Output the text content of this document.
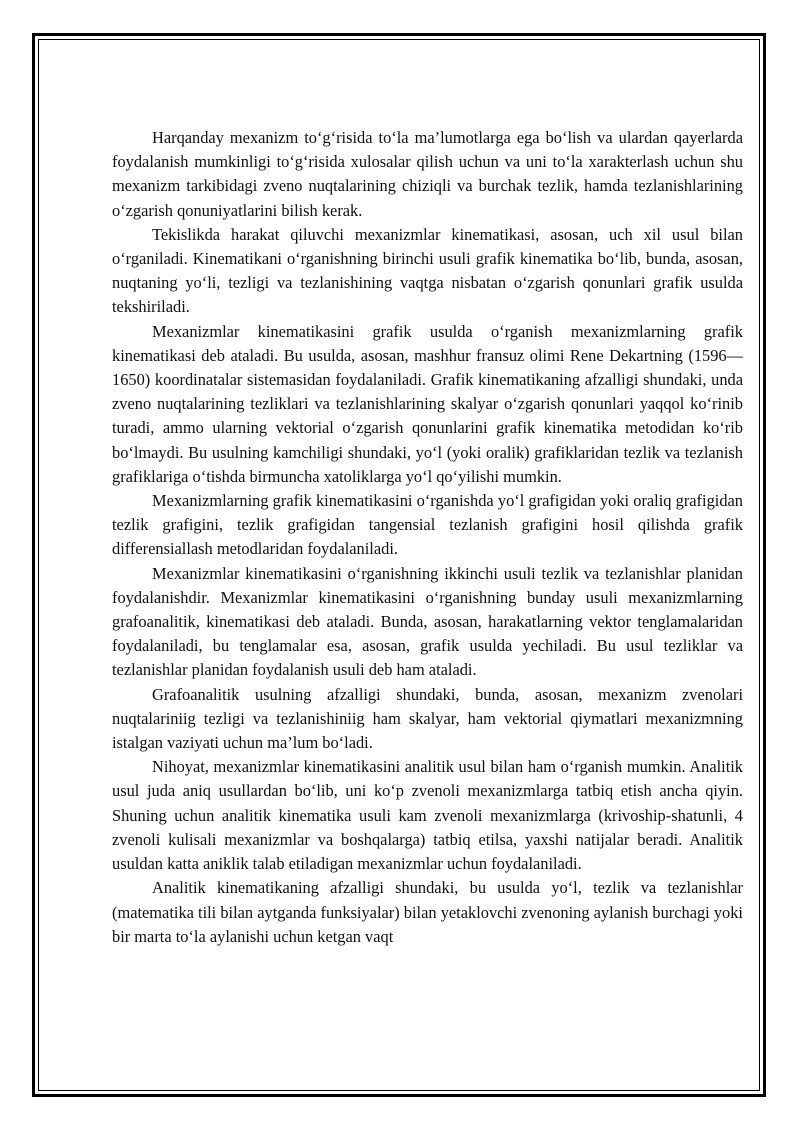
Harqanday mexanizm to‘g‘risida to‘la ma’lumotlarga ega bo‘lish va ulardan qayerlarda foydalanish mumkinligi to‘g‘risida xulosalar qilish uchun va uni to‘la xarakterlash uchun shu mexanizm tarkibidagi zveno nuqtalarining chiziqli va burchak tezlik, hamda tezlanishlarining o‘zgarish qonuniyatlarini bilish kerak.

Tekislikda harakat qiluvchi mexanizmlar kinematikasi, asosan, uch xil usul bilan o‘rganiladi. Kinematikani o‘rganishning birinchi usuli grafik kinematika bo‘lib, bunda, asosan, nuqtaning yo‘li, tezligi va tezlanishining vaqtga nisbatan o‘zgarish qonunlari grafik usulda tekshiriladi.

Mexanizmlar kinematikasini grafik usulda o‘rganish mexanizmlarning grafik kinematikasi deb ataladi. Bu usulda, asosan, mashhur fransuz olimi Rene Dekartning (1596—1650) koordinatalar sistemasidan foydalaniladi. Grafik kinematikaning afzalligi shundaki, unda zveno nuqtalarining tezliklari va tezlanishlarining skalyar o‘zgarish qonunlari yaqqol ko‘rinib turadi, ammo ularning vektorial o‘zgarish qonunlarini grafik kinematika metodidan ko‘rib bo‘lmaydi. Bu usulning kamchiligi shundaki, yo‘l (yoki oralik) grafiklaridan tezlik va tezlanish grafiklariga o‘tishda birmuncha xatoliklarga yo‘l qo‘yilishi mumkin.

Mexanizmlarning grafik kinematikasini o‘rganishda yo‘l grafigidan yoki oraliq grafigidan tezlik grafigini, tezlik grafigidan tangensial tezlanish grafigini hosil qilishda grafik differensiallash metodlaridan foydalaniladi.

Mexanizmlar kinematikasini o‘rganishning ikkinchi usuli tezlik va tezlanishlar planidan foydalanishdir. Mexanizmlar kinematikasini o‘rganishning bunday usuli mexanizmlarning grafoanalitik, kinematikasi deb ataladi. Bunda, asosan, harakatlarning vektor tenglamalaridan foydalaniladi, bu tenglamalar esa, asosan, grafik usulda yechiladi. Bu usul tezliklar va tezlanishlar planidan foydalanish usuli deb ham ataladi.

Grafoanalitik usulning afzalligi shundaki, bunda, asosan, mexanizm zvenolari nuqtalariniig tezligi va tezlanishiniig ham skalyar, ham vektorial qiymatlari mexanizmning istalgan vaziyati uchun ma’lum bo‘ladi.

Nihoyat, mexanizmlar kinematikasini analitik usul bilan ham o‘rganish mumkin. Analitik usul juda aniq usullardan bo‘lib, uni ko‘p zvenoli mexanizmlarga tatbiq etish ancha qiyin. Shuning uchun analitik kinematika usuli kam zvenoli mexanizmlarga (krivoship-shatunli, 4 zvenoli kulisali mexanizmlar va boshqalarga) tatbiq etilsa, yaxshi natijalar beradi. Analitik usuldan katta aniklik talab etiladigan mexanizmlar uchun foydalaniladi.

Analitik kinematikaning afzalligi shundaki, bu usulda yo‘l, tezlik va tezlanishlar (matematika tili bilan aytganda funksiyalar) bilan yetaklovchi zvenoning aylanish burchagi yoki bir marta to‘la aylanishi uchun ketgan vaqt
